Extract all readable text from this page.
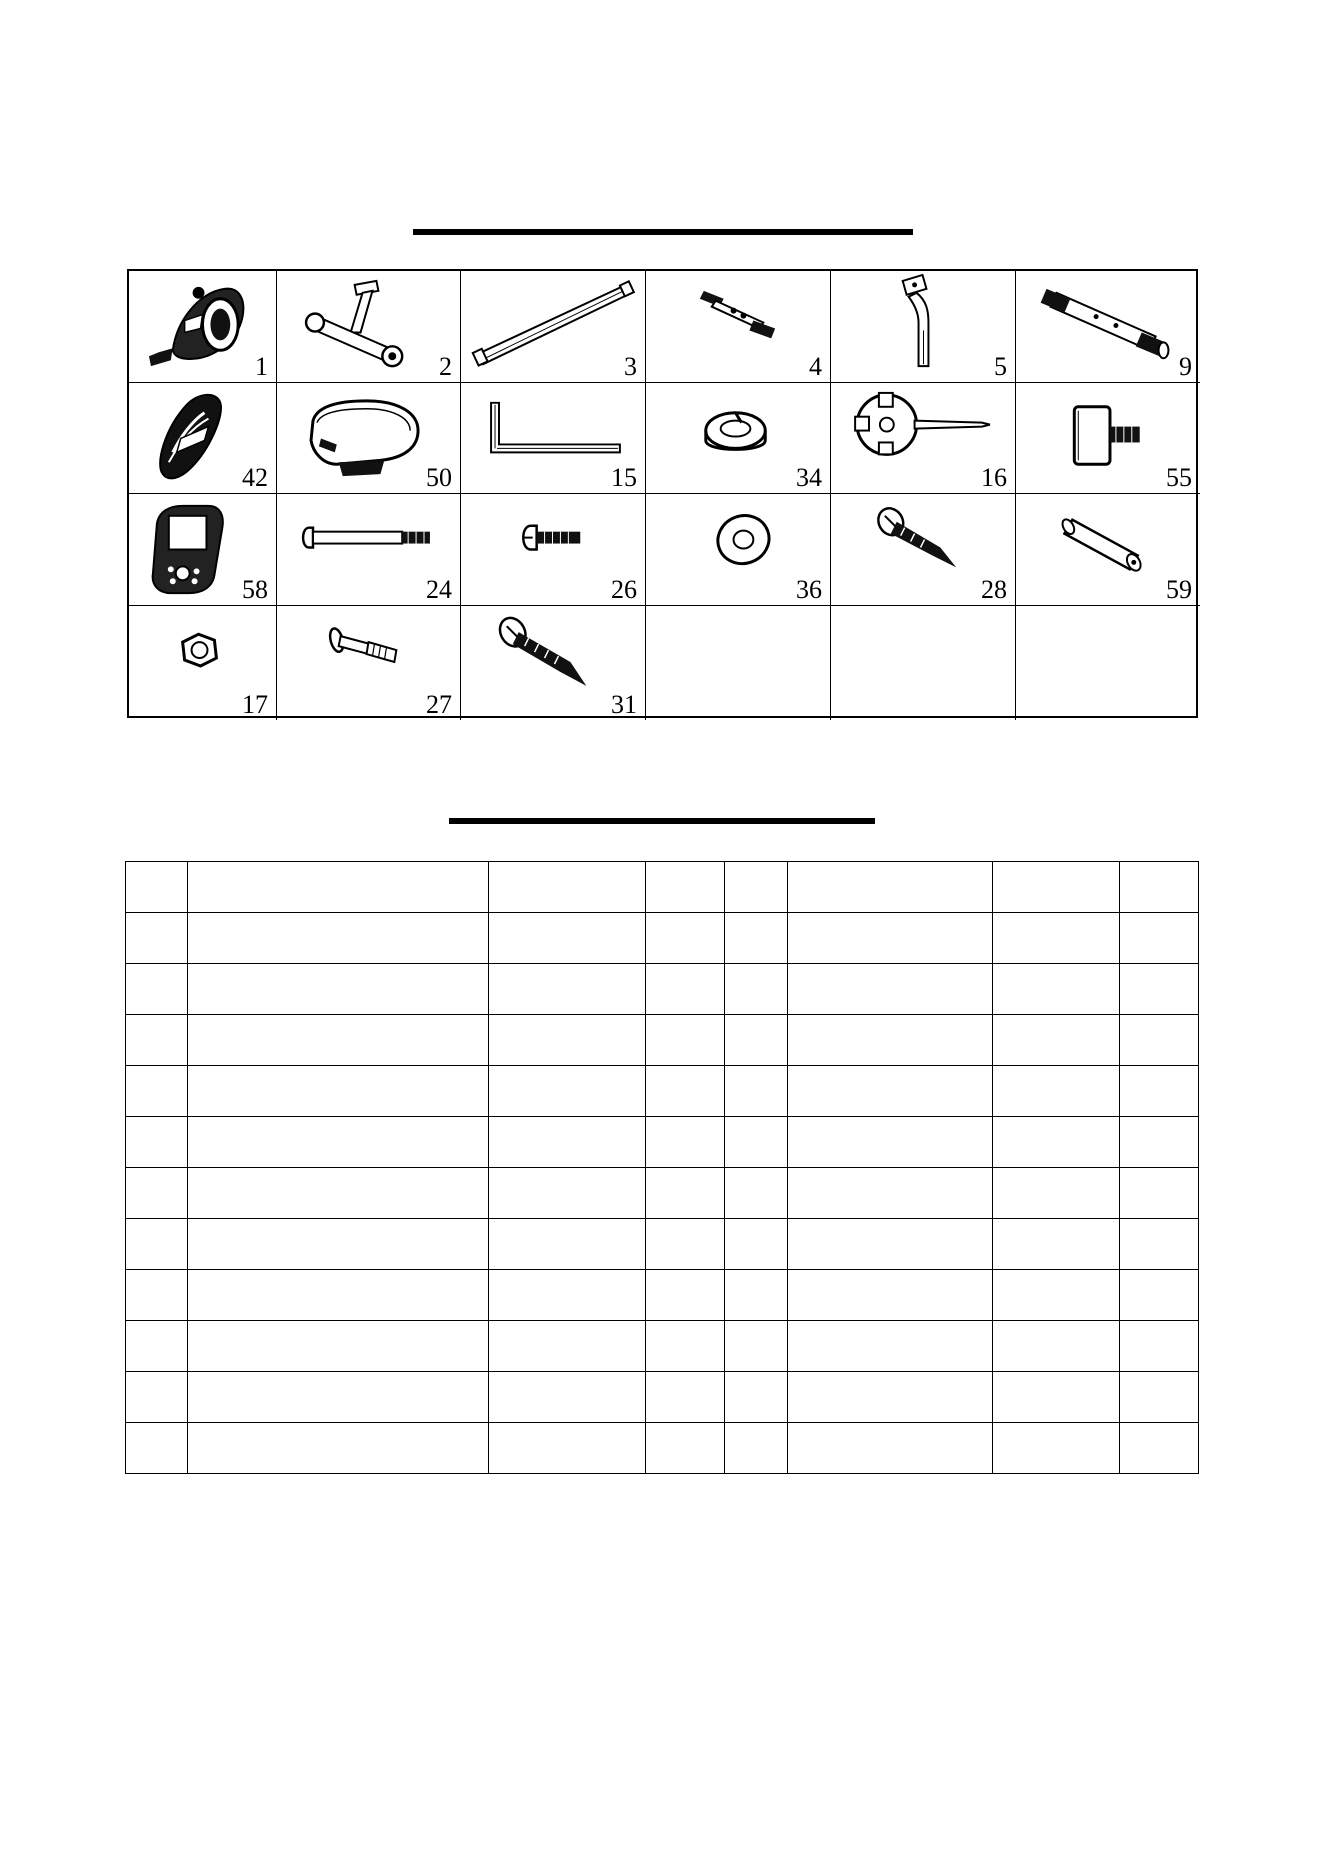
1	2	3	4	5	9
42	50	15	34	16	55
58	24	26	36	28	59
17	27	31
